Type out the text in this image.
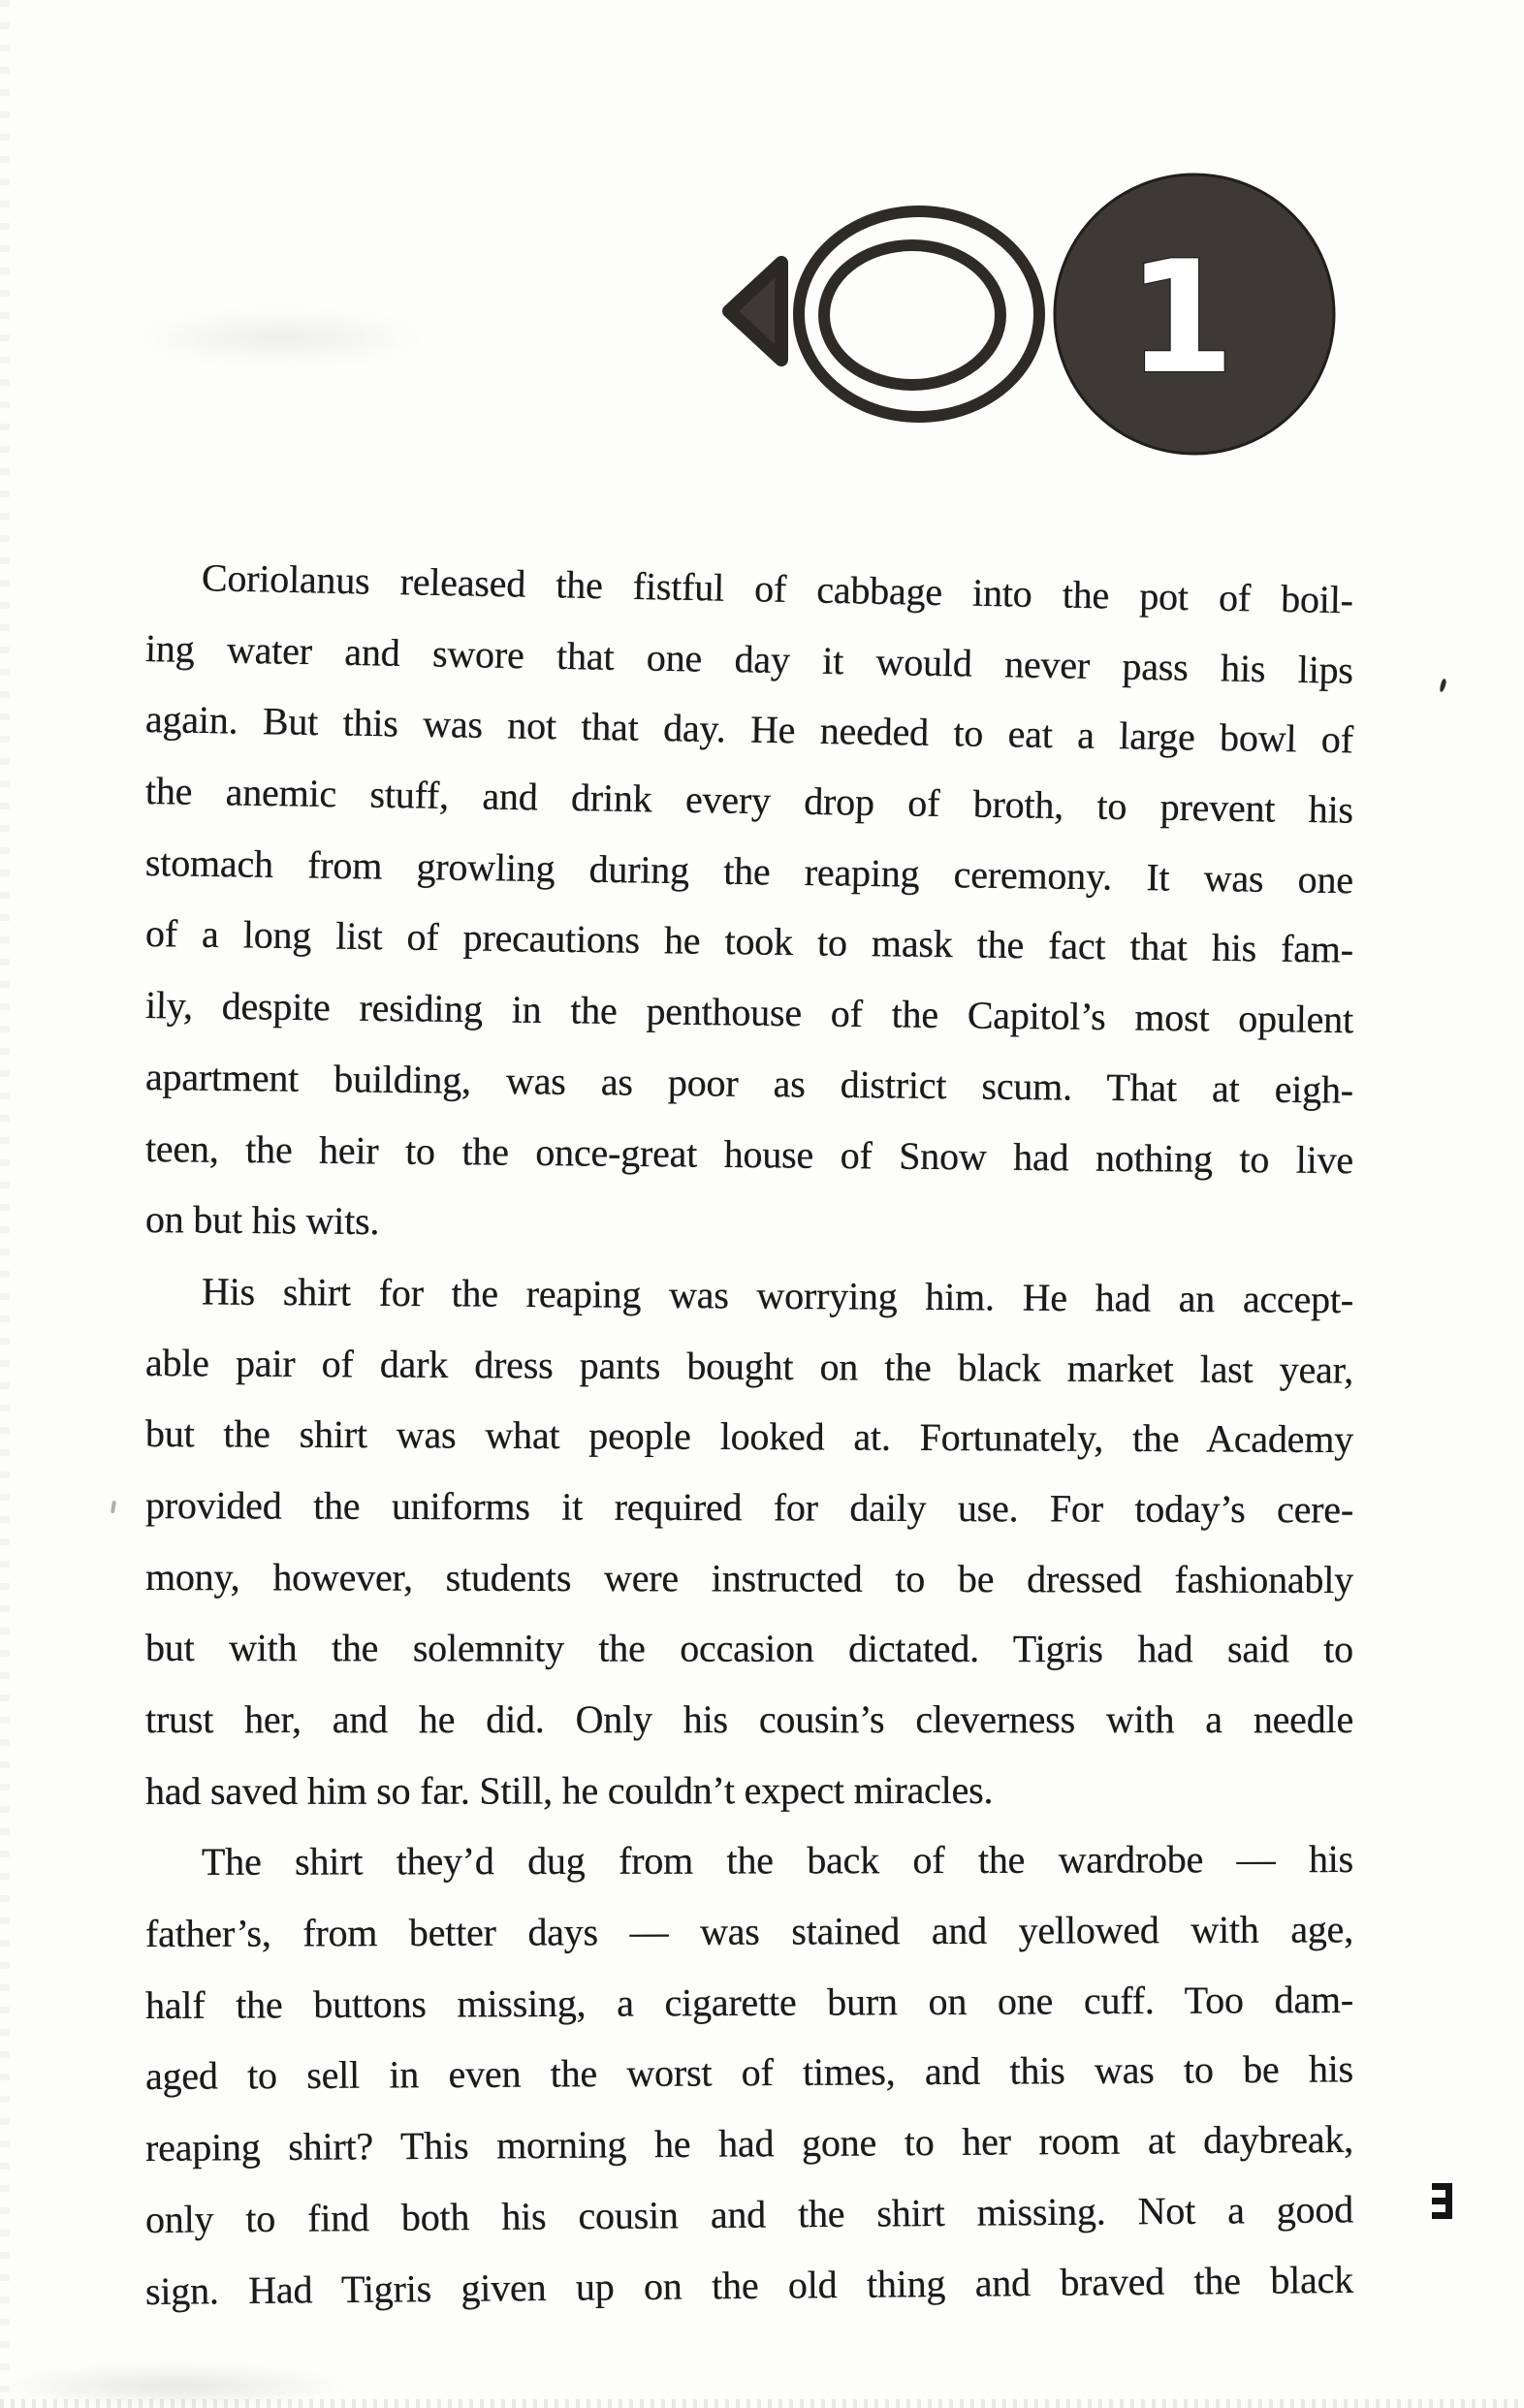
1
Coriolanus released the fistful of cabbage into the pot of boil-
ing water and swore that one day it would never pass his lips
again. But this was not that day. He needed to eat a large bowl of
the anemic stuff, and drink every drop of broth, to prevent his
stomach from growling during the reaping ceremony. It was one
of a long list of precautions he took to mask the fact that his fam-
ily, despite residing in the penthouse of the Capitol’s most opulent
apartment building, was as poor as district scum. That at eigh-
teen, the heir to the once-great house of Snow had nothing to live
on but his wits.
His shirt for the reaping was worrying him. He had an accept-
able pair of dark dress pants bought on the black market last year,
but the shirt was what people looked at. Fortunately, the Academy
provided the uniforms it required for daily use. For today’s cere-
mony, however, students were instructed to be dressed fashionably
but with the solemnity the occasion dictated. Tigris had said to
trust her, and he did. Only his cousin’s cleverness with a needle
had saved him so far. Still, he couldn’t expect miracles.
The shirt they’d dug from the back of the wardrobe — his
father’s, from better days — was stained and yellowed with age,
half the buttons missing, a cigarette burn on one cuff. Too dam-
aged to sell in even the worst of times, and this was to be his
reaping shirt? This morning he had gone to her room at daybreak,
only to find both his cousin and the shirt missing. Not a good
sign. Had Tigris given up on the old thing and braved the black
